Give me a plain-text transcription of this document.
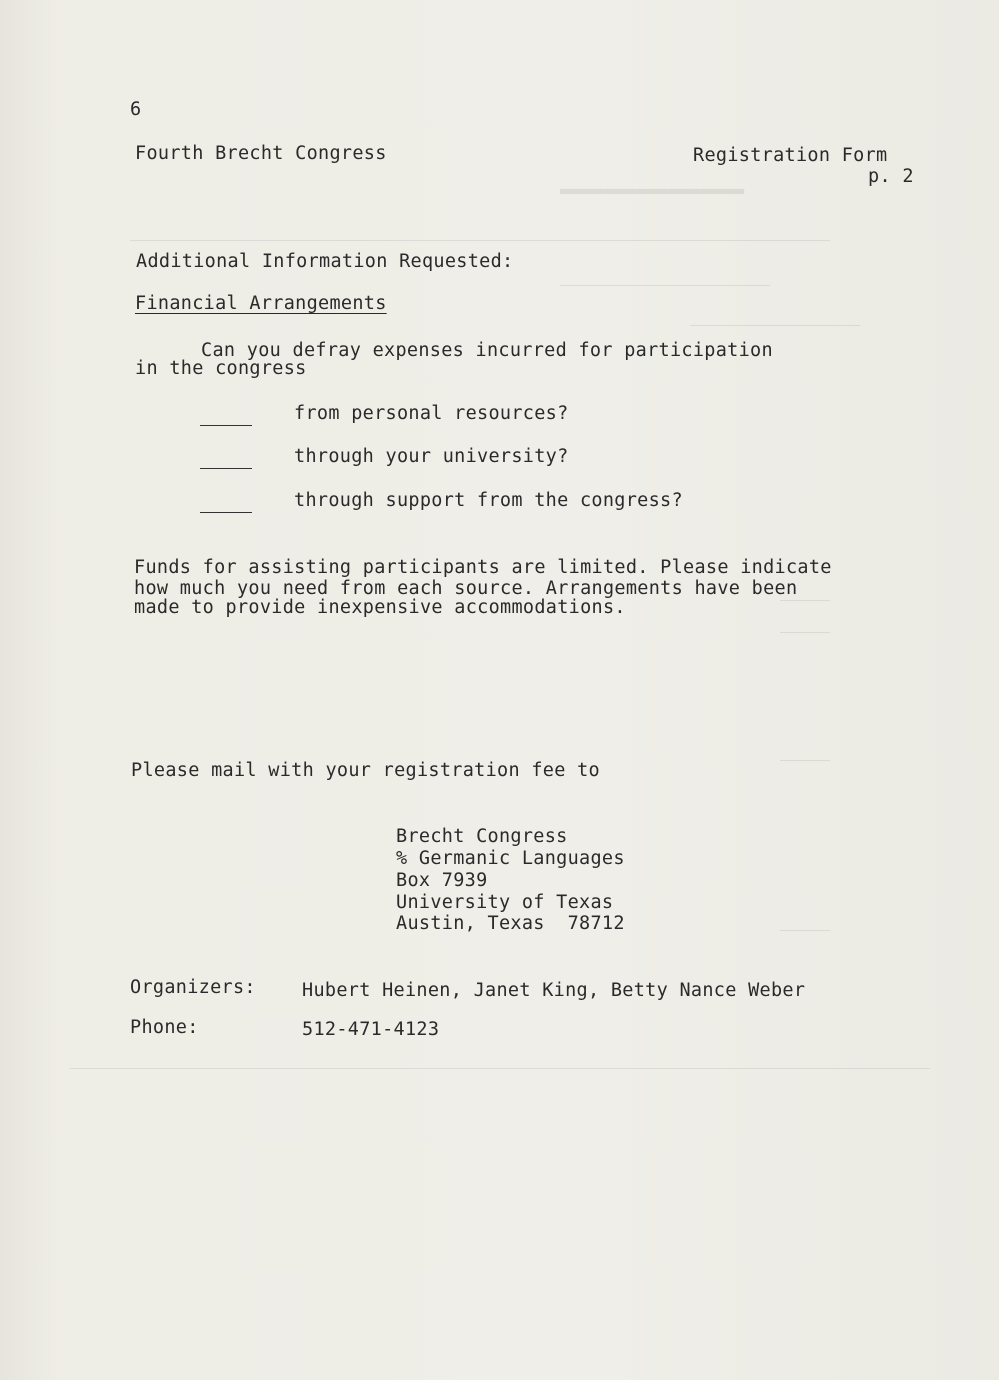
▬▬▬▬▬▬▬▬▬▬▬▬▬▬▬▬▬
6
Fourth Brecht Congress	Registration Form
p. 2
Additional Information Requested:
Financial Arrangements
Can you defray expenses incurred for participation
in the congress
from personal resources?
through your university?
through support from the congress?
Funds for assisting participants are limited. Please indicate
how much you need from each source. Arrangements have been
made to provide inexpensive accommodations.
Please mail with your registration fee to
Brecht Congress
% Germanic Languages
Box 7939
University of Texas
Austin, Texas  78712
Organizers: Hubert Heinen, Janet King, Betty Nance Weber
Phone:	512-471-4123
